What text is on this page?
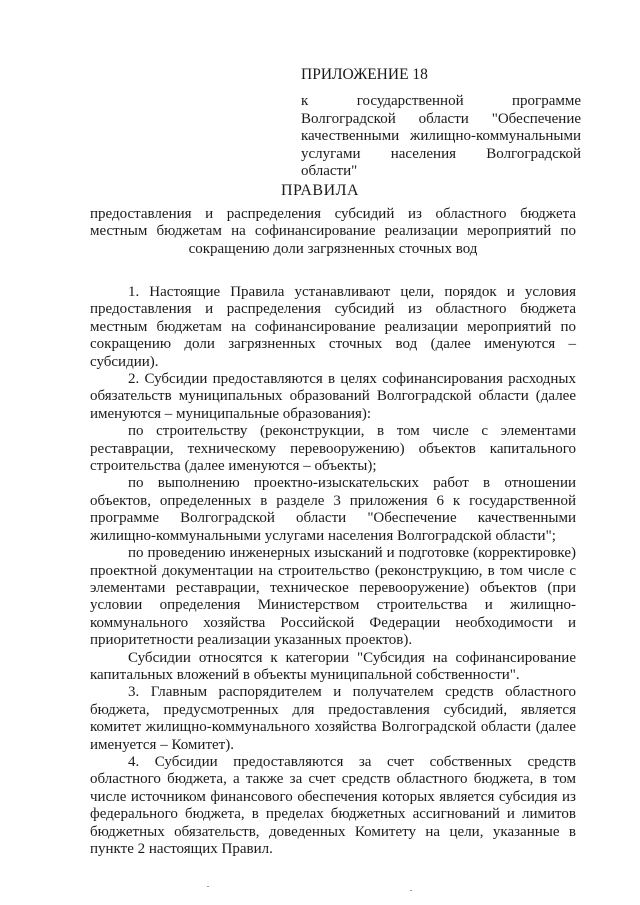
ПРИЛОЖЕНИЕ 18
к государственной программе Волгоградской области "Обеспечение качественными жилищно-коммунальными услугами населения Волгоградской области"
ПРАВИЛА
предоставления и распределения субсидий из областного бюджета местным бюджетам на софинансирование реализации мероприятий по сокращению доли загрязненных сточных вод

1. Настоящие Правила устанавливают цели, порядок и условия предоставления и распределения субсидий из областного бюджета местным бюджетам на софинансирование реализации мероприятий по сокращению доли загрязненных сточных вод (далее именуются – субсидии).

2. Субсидии предоставляются в целях софинансирования расходных обязательств муниципальных образований Волгоградской области (далее именуются – муниципальные образования):

по строительству (реконструкции, в том числе с элементами реставрации, техническому перевооружению) объектов капитального строительства (далее именуются – объекты);

по выполнению проектно-изыскательских работ в отношении объектов, определенных в разделе 3 приложения 6 к государственной программе Волгоградской области "Обеспечение качественными жилищно-коммунальными услугами населения Волгоградской области";

по проведению инженерных изысканий и подготовке (корректировке) проектной документации на строительство (реконструкцию, в том числе с элементами реставрации, техническое перевооружение) объектов (при условии определения Министерством строительства и жилищно-коммунального хозяйства Российской Федерации необходимости и приоритетности реализации указанных проектов).

Субсидии относятся к категории "Субсидия на софинансирование капитальных вложений в объекты муниципальной собственности".

3. Главным распорядителем и получателем средств областного бюджета, предусмотренных для предоставления субсидий, является комитет жилищно-коммунального хозяйства Волгоградской области (далее именуется – Комитет).

4. Субсидии предоставляются за счет собственных средств областного бюджета, а также за счет средств областного бюджета, в том числе источником финансового обеспечения которых является субсидия из федерального бюджета, в пределах бюджетных ассигнований и лимитов бюджетных обязательств, доведенных Комитету на цели, указанные в пункте 2 настоящих Правил.
